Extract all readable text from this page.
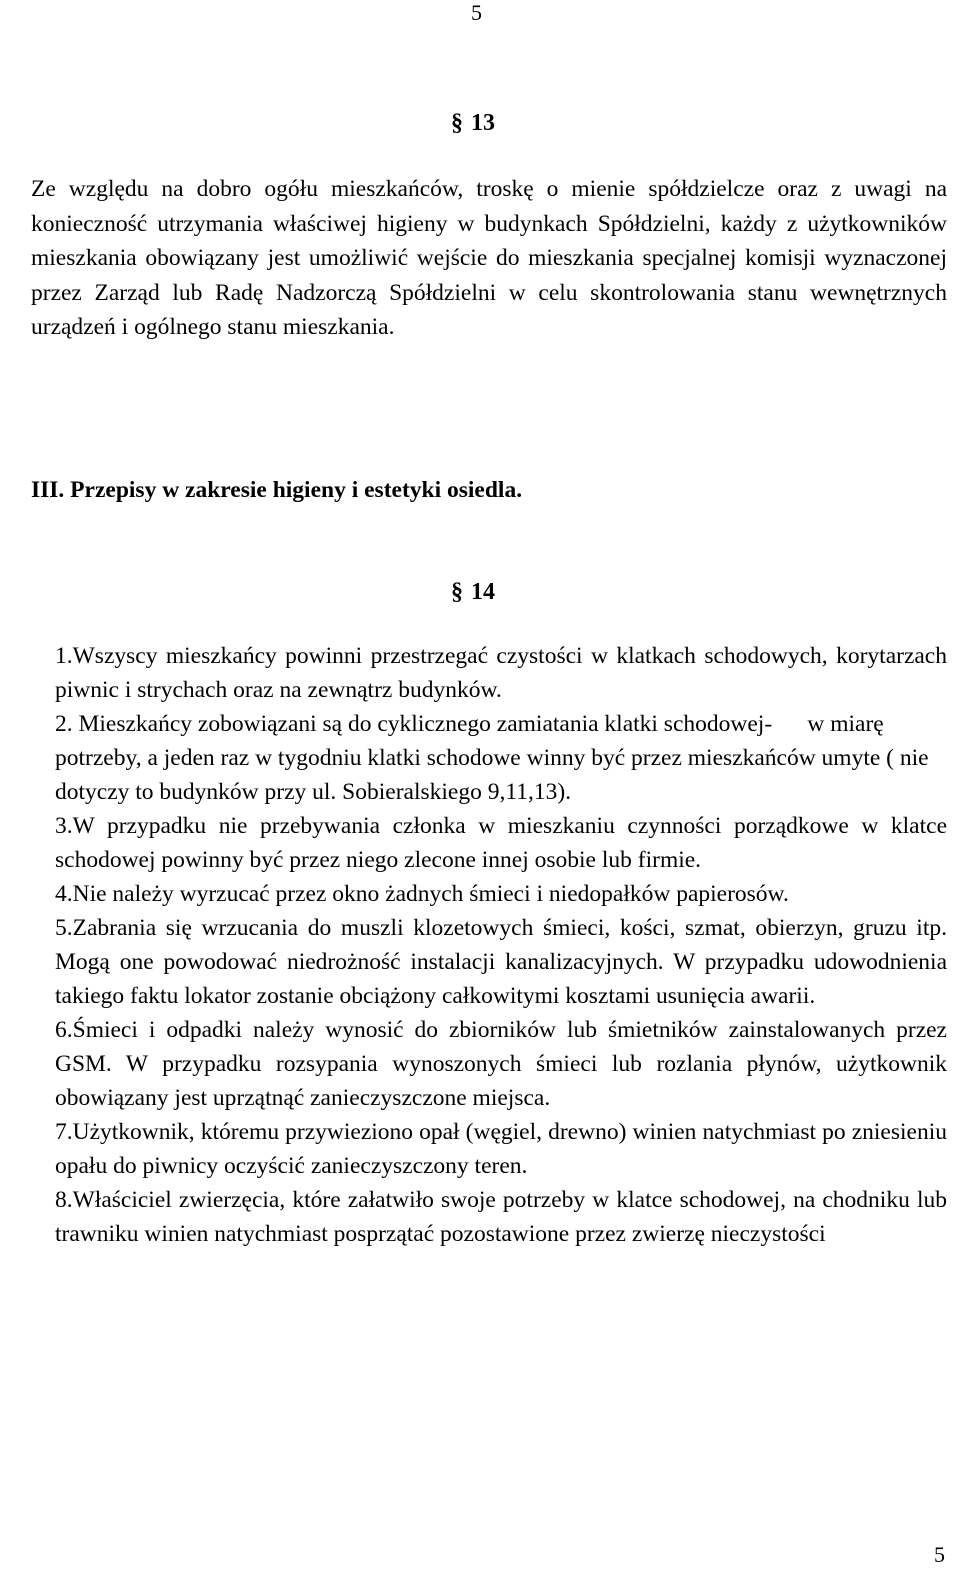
5
§ 13

Ze względu na dobro ogółu mieszkańców, troskę o mienie spółdzielcze oraz z uwagi na konieczność utrzymania właściwej higieny w budynkach Spółdzielni, każdy z użytkowników mieszkania obowiązany jest umożliwić wejście do mieszkania specjalnej komisji wyznaczonej przez Zarząd lub Radę Nadzorczą Spółdzielni w celu skontrolowania stanu wewnętrznych urządzeń i ogólnego stanu mieszkania.

III. Przepisy w zakresie higieny i estetyki osiedla.
§ 14
1.Wszyscy mieszkańcy powinni przestrzegać czystości w klatkach schodowych, korytarzach piwnic i strychach oraz na zewnątrz budynków.
2. Mieszkańcy zobowiązani są do cyklicznego zamiatania klatki schodowej-      w miarę potrzeby, a jeden raz w tygodniu klatki schodowe winny być przez mieszkańców umyte ( nie dotyczy to budynków przy ul. Sobieralskiego 9,11,13).
3.W przypadku nie przebywania członka w mieszkaniu czynności porządkowe w klatce schodowej powinny być przez niego zlecone innej osobie lub firmie.
4.Nie należy wyrzucać przez okno żadnych śmieci i niedopałków papierosów.
5.Zabrania się wrzucania do muszli klozetowych śmieci, kości, szmat, obierzyn, gruzu itp. Mogą one powodować niedrożność instalacji kanalizacyjnych. W przypadku udowodnienia takiego faktu lokator zostanie obciążony całkowitymi kosztami usunięcia awarii.
6.Śmieci i odpadki należy wynosić do zbiorników lub śmietników zainstalowanych przez GSM. W przypadku rozsypania wynoszonych śmieci lub rozlania płynów, użytkownik obowiązany jest uprzątnąć zanieczyszczone miejsca.
7.Użytkownik, któremu przywieziono opał (węgiel, drewno) winien natychmiast po zniesieniu opału do piwnicy oczyścić zanieczyszczony teren.
8.Właściciel zwierzęcia, które załatwiło swoje potrzeby w klatce schodowej, na chodniku lub trawniku winien natychmiast posprzątać pozostawione przez zwierzę nieczystości
5
